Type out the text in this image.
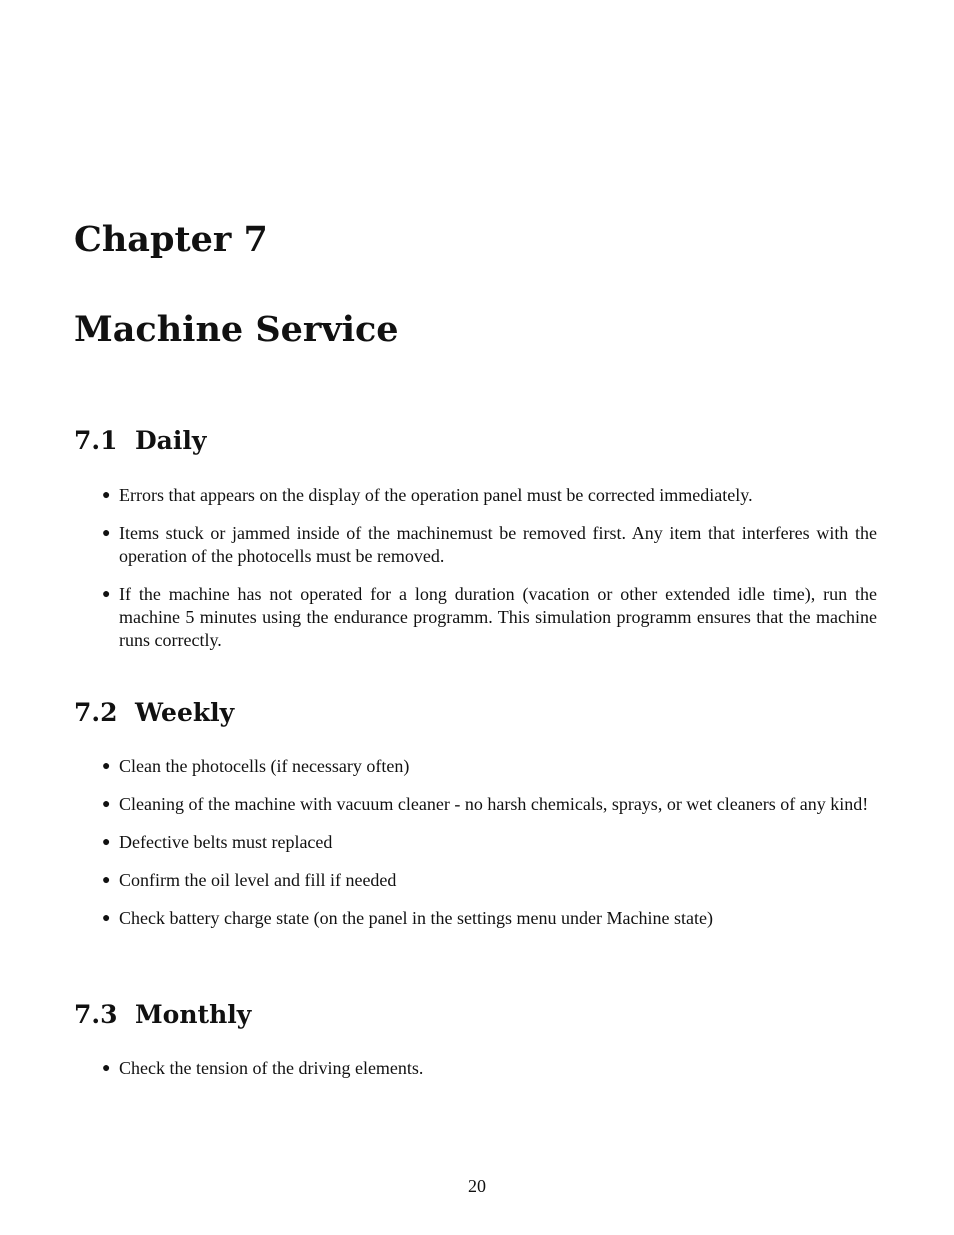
Chapter 7
Machine Service
7.1 Daily
● Errors that appears on the display of the operation panel must be corrected immediately.
● Items stuck or jammed inside of the machinemust be removed first. Any item that interferes with the operation of the photocells must be removed.
● If the machine has not operated for a long duration (vacation or other extended idle time), run the machine 5 minutes using the endurance programm. This simulation programm ensures that the machine runs correctly.
7.2 Weekly
● Clean the photocells (if necessary often)
● Cleaning of the machine with vacuum cleaner - no harsh chemicals, sprays, or wet cleaners of any kind!
● Defective belts must replaced
● Confirm the oil level and fill if needed
● Check battery charge state (on the panel in the settings menu under Machine state)
7.3 Monthly
● Check the tension of the driving elements.

20
